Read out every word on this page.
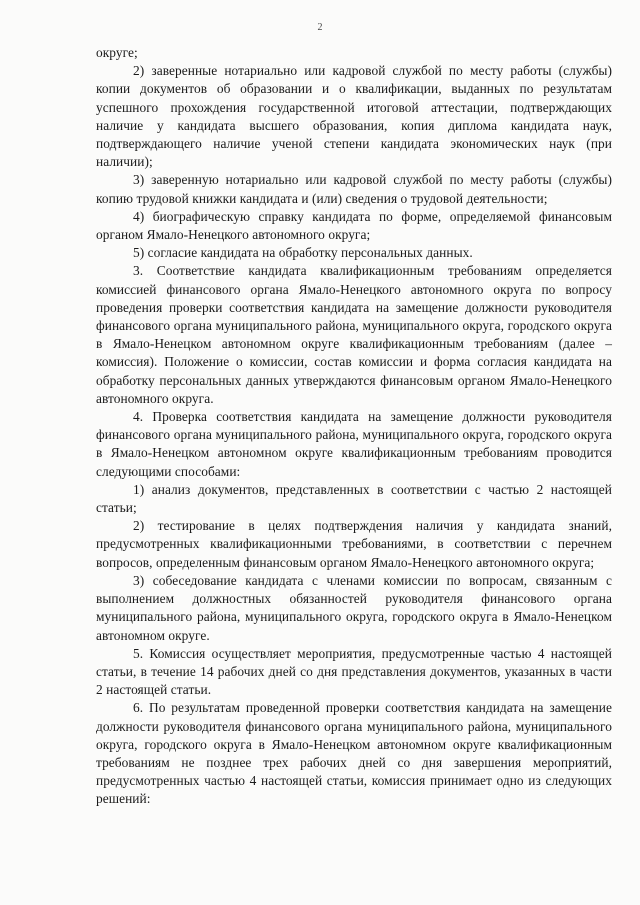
2

округе;

2) заверенные нотариально или кадровой службой по месту работы (службы) копии документов об образовании и о квалификации, выданных по результатам успешного прохождения государственной итоговой аттестации, подтверждающих наличие у кандидата высшего образования, копия диплома кандидата наук, подтверждающего наличие ученой степени кандидата экономических наук (при наличии);

3) заверенную нотариально или кадровой службой по месту работы (службы) копию трудовой книжки кандидата и (или) сведения о трудовой деятельности;

4) биографическую справку кандидата по форме, определяемой финансовым органом Ямало-Ненецкого автономного округа;

5) согласие кандидата на обработку персональных данных.

3. Соответствие кандидата квалификационным требованиям определяется комиссией финансового органа Ямало-Ненецкого автономного округа по вопросу проведения проверки соответствия кандидата на замещение должности руководителя финансового органа муниципального района, муниципального округа, городского округа в Ямало-Ненецком автономном округе квалификационным требованиям (далее – комиссия). Положение о комиссии, состав комиссии и форма согласия кандидата на обработку персональных данных утверждаются финансовым органом Ямало-Ненецкого автономного округа.

4. Проверка соответствия кандидата на замещение должности руководителя финансового органа муниципального района, муниципального округа, городского округа в Ямало-Ненецком автономном округе квалификационным требованиям проводится следующими способами:

1) анализ документов, представленных в соответствии с частью 2 настоящей статьи;

2) тестирование в целях подтверждения наличия у кандидата знаний, предусмотренных квалификационными требованиями, в соответствии с перечнем вопросов, определенным финансовым органом Ямало-Ненецкого автономного округа;

3) собеседование кандидата с членами комиссии по вопросам, связанным с выполнением должностных обязанностей руководителя финансового органа муниципального района, муниципального округа, городского округа в Ямало-Ненецком автономном округе.

5. Комиссия осуществляет мероприятия, предусмотренные частью 4 настоящей статьи, в течение 14 рабочих дней со дня представления документов, указанных в части 2 настоящей статьи.

6. По результатам проведенной проверки соответствия кандидата на замещение должности руководителя финансового органа муниципального района, муниципального округа, городского округа в Ямало-Ненецком автономном округе квалификационным требованиям не позднее трех рабочих дней со дня завершения мероприятий, предусмотренных частью 4 настоящей статьи, комиссия принимает одно из следующих решений:
